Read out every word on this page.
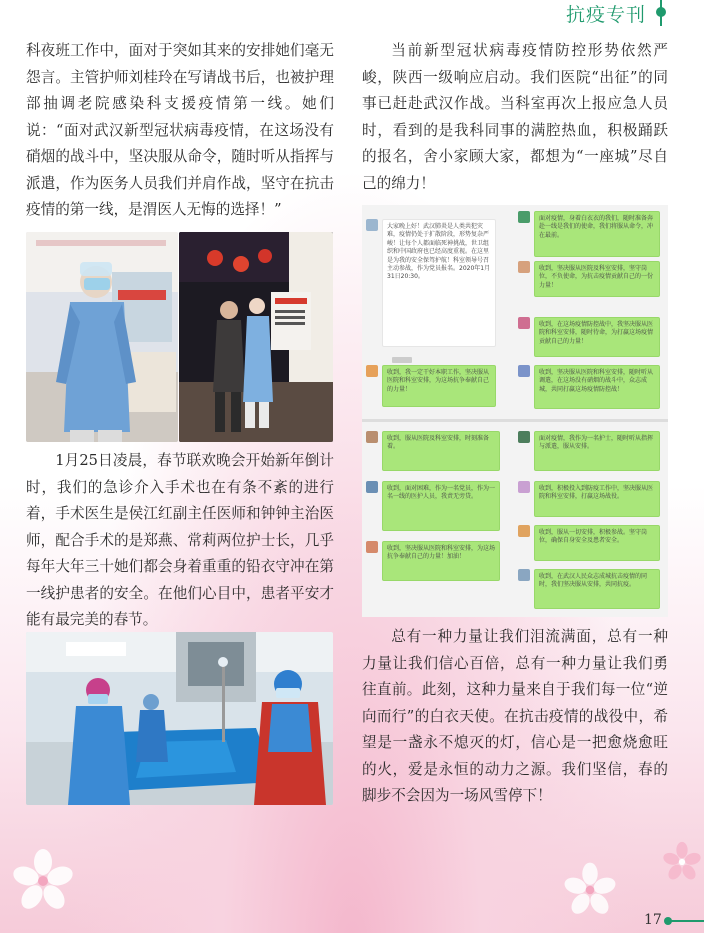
抗疫专刊

科夜班工作中，面对于突如其来的安排她们毫无怨言。主管护师刘桂玲在写请战书后，也被护理部抽调老院感染科支援疫情第一线。她们说：“面对武汉新型冠状病毒疫情，在这场没有硝烟的战斗中，坚决服从命令，随时听从指挥与派遣，作为医务人员我们并肩作战，坚守在抗击疫情的第一线，是渭医人无悔的选择！”

1月25日凌晨，春节联欢晚会开始新年倒计时，我们的急诊介入手术也在有条不紊的进行着，手术医生是侯江红副主任医师和钟钟主治医师，配合手术的是郑燕、常莉两位护士长，几乎每年大年三十她们都会身着重重的铅衣守冲在第一线护患者的安全。在他们心目中，患者平安才能有最完美的春节。

当前新型冠状病毒疫情防控形势依然严峻，陕西一级响应启动。我们医院“出征”的同事已赶赴武汉作战。当科室再次上报应急人员时，看到的是我科同事的满腔热血，积极踊跃的报名，舍小家顾大家，都想为“一座城”尽自己的绵力！

大家晚上好！武汉肺炎是人类共犯灾难，疫情仍处于扩散阶段，形势复杂严峻！让每个人都面临死神挑战，世卫组织和中国政府也已经高度重视。在这里是为我的安全保驾护航！科室领导号召主动参战，作为党员报名。2020年1月31日20:30。
收到，我一定干好本职工作，坚决服从医院和科室安排，为这场抗争奉献自己的力量！
面对疫情，身着白衣衣的我们，随时准备奔赴一线是我们的使命，我们将服从命令，冲在最前。
收到，坚决服从医院及科室安排，坚守岗位，不负使命，为抗击疫情贡献自己的一份力量！
收到，在这场疫情防控战中，我坚决服从医院和科室安排，随时待命，为打赢这场疫情贡献自己的力量！
收到，坚决服从医院和科室安排，随时听从调遣，在这场没有硝烟的战斗中，众志成城，共同打赢这场疫情防控战！
收到，服从医院及科室安排，时刻准备着。
收到，面对困难，作为一名党员，作为一名一线的医护人员，我责无旁贷。
收到，坚决服从医院和科室安排，为这场抗争奉献自己的力量！加油！
面对疫情，我作为一名护士，随时听从指挥与派遣，服从安排。
收到，积极投入到防疫工作中，坚决服从医院和科室安排，打赢这场战役。
收到，服从一切安排，积极参战。坚守岗位，确保自身安全及患者安全。
收到，在武汉人民众志成城抗击疫情的同时，我们坚决服从安排，共同抗疫。

总有一种力量让我们泪流满面，总有一种力量让我们信心百倍，总有一种力量让我们勇往直前。此刻，这种力量来自于我们每一位“逆向而行”的白衣天使。在抗击疫情的战役中，希望是一盏永不熄灭的灯，信心是一把愈烧愈旺的火，爱是永恒的动力之源。我们坚信，春的脚步不会因为一场风雪停下！

17
